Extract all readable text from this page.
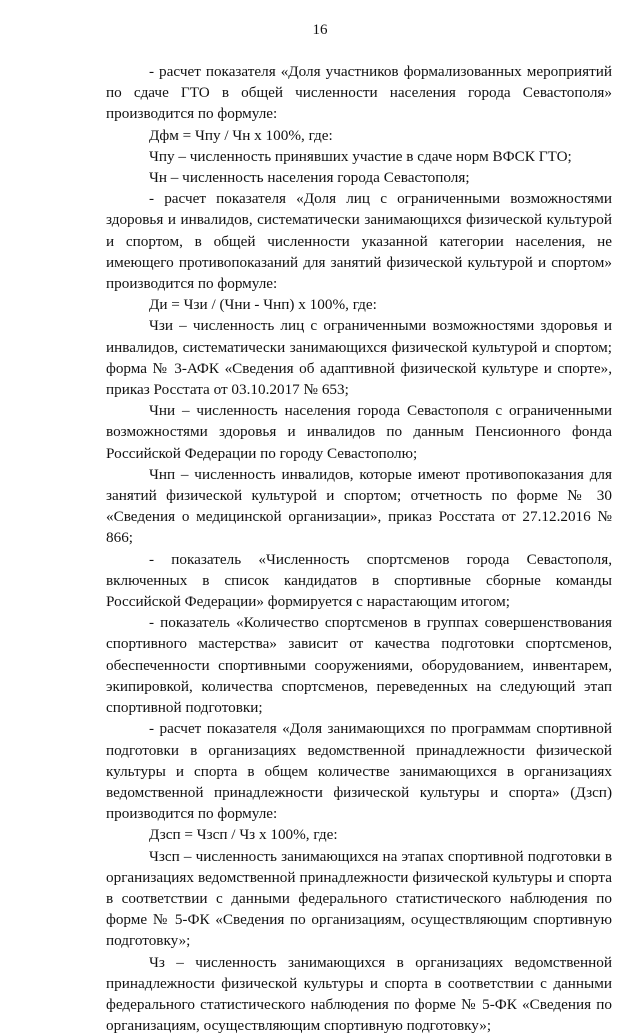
16

- расчет показателя «Доля участников формализованных мероприятий по сдаче ГТО в общей численности населения города Севастополя» производится по формуле:

Дфм = Чпу / Чн x 100%, где:

Чпу – численность принявших участие в сдаче норм ВФСК ГТО;

Чн – численность населения города Севастополя;

- расчет показателя «Доля лиц с ограниченными возможностями здоровья и инвалидов, систематически занимающихся физической культурой и спортом, в общей численности указанной категории населения, не имеющего противопоказаний для занятий физической культурой и спортом» производится по формуле:

Ди = Чзи / (Чни - Чнп) x 100%, где:

Чзи – численность лиц с ограниченными возможностями здоровья и инвалидов, систематически занимающихся физической культурой и спортом; форма № 3-АФК «Сведения об адаптивной физической культуре и спорте», приказ Росстата от 03.10.2017 № 653;

Чни – численность населения города Севастополя с ограниченными возможностями здоровья и инвалидов по данным Пенсионного фонда Российской Федерации по городу Севастополю;

Чнп – численность инвалидов, которые имеют противопоказания для занятий физической культурой и спортом; отчетность по форме № 30 «Сведения о медицинской организации», приказ Росстата от 27.12.2016 № 866;

- показатель «Численность спортсменов города Севастополя, включенных в список кандидатов в спортивные сборные команды Российской Федерации» формируется с нарастающим итогом;

- показатель «Количество спортсменов в группах совершенствования спортивного мастерства» зависит от качества подготовки спортсменов, обеспеченности спортивными сооружениями, оборудованием, инвентарем, экипировкой, количества спортсменов, переведенных на следующий этап спортивной подготовки;

- расчет показателя «Доля занимающихся по программам спортивной подготовки в организациях ведомственной принадлежности физической культуры и спорта в общем количестве занимающихся в организациях ведомственной принадлежности физической культуры и спорта» (Дзсп) производится по формуле:

Дзсп = Чзсп / Чз x 100%, где:

Чзсп – численность занимающихся на этапах спортивной подготовки в организациях ведомственной принадлежности физической культуры и спорта в соответствии с данными федерального статистического наблюдения по форме № 5-ФК «Сведения по организациям, осуществляющим спортивную подготовку»;

Чз – численность занимающихся в организациях ведомственной принадлежности физической культуры и спорта в соответствии с данными федерального статистического наблюдения по форме № 5-ФК «Сведения по организациям, осуществляющим спортивную подготовку»;
